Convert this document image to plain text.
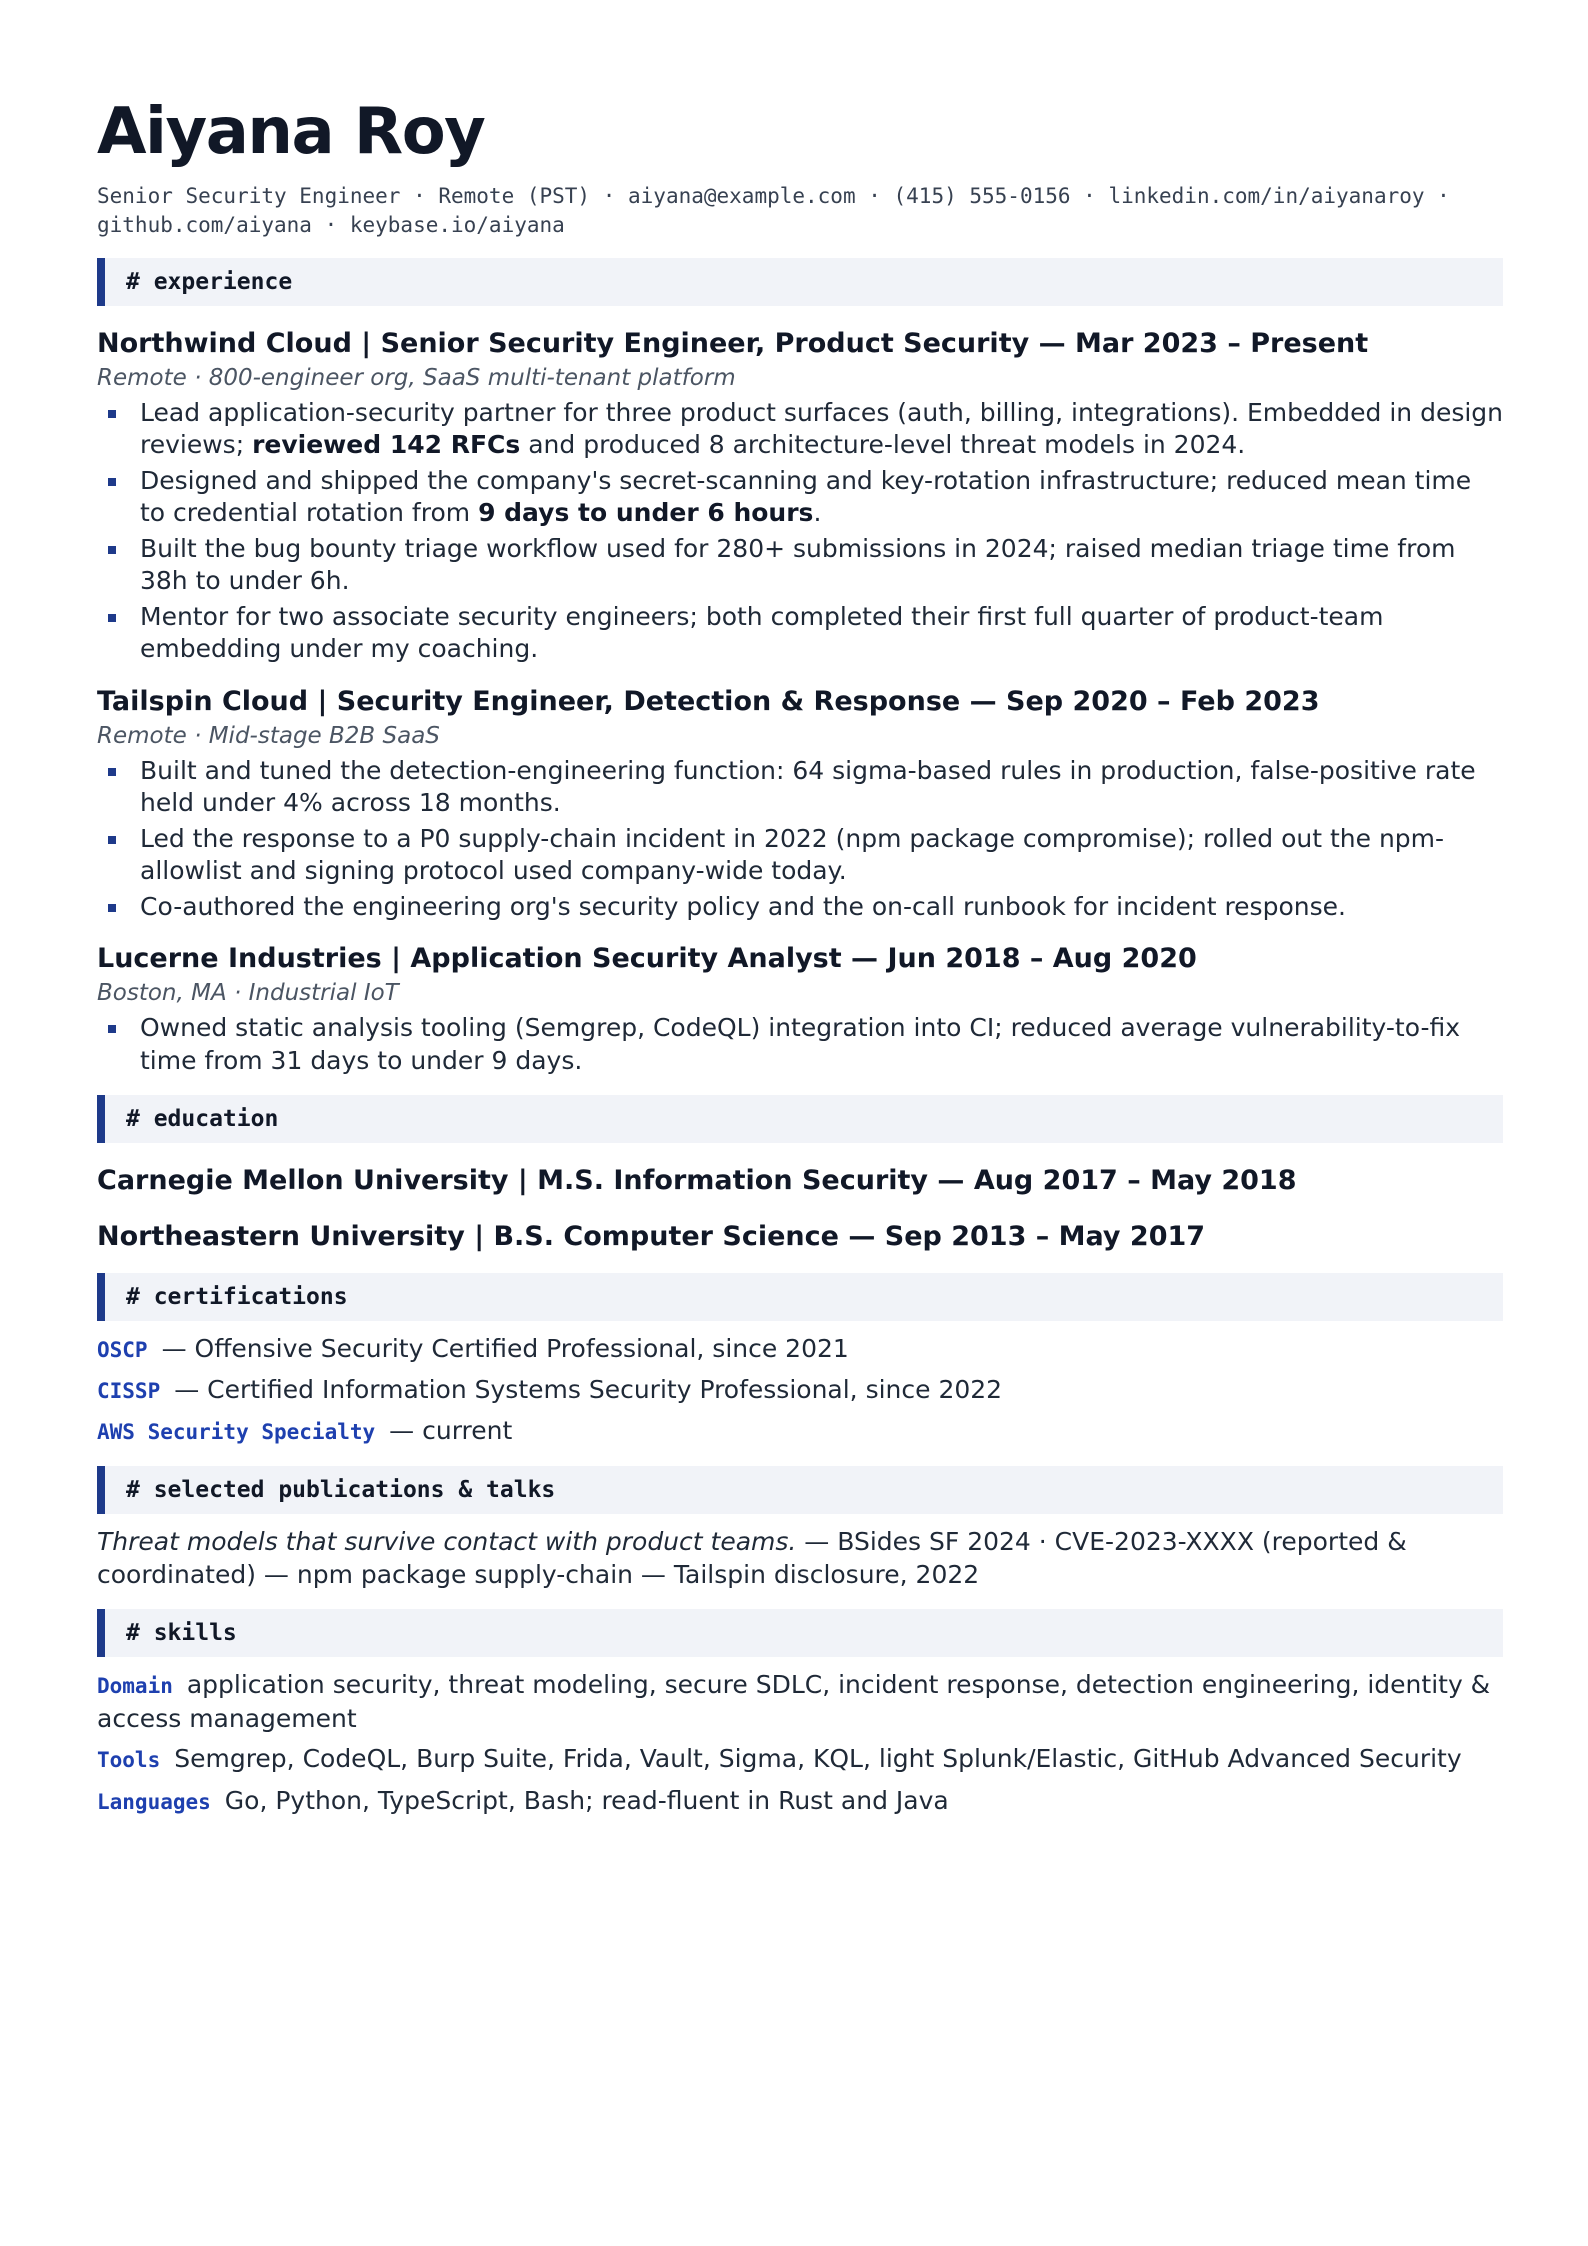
Aiyana Roy
Senior Security Engineer · Remote (PST) · aiyana@example.com · (415) 555-0156 · linkedin.com/in/aiyanaroy · github.com/aiyana · keybase.io/aiyana
# experience
Northwind Cloud | Senior Security Engineer, Product Security — Mar 2023 – Present
Remote · 800-engineer org, SaaS multi-tenant platform
Lead application-security partner for three product surfaces (auth, billing, integrations). Embedded in design reviews; reviewed 142 RFCs and produced 8 architecture-level threat models in 2024.
Designed and shipped the company's secret-scanning and key-rotation infrastructure; reduced mean time to credential rotation from 9 days to under 6 hours.
Built the bug bounty triage workflow used for 280+ submissions in 2024; raised median triage time from 38h to under 6h.
Mentor for two associate security engineers; both completed their first full quarter of product-team embedding under my coaching.
Tailspin Cloud | Security Engineer, Detection & Response — Sep 2020 – Feb 2023
Remote · Mid-stage B2B SaaS
Built and tuned the detection-engineering function: 64 sigma-based rules in production, false-positive rate held under 4% across 18 months.
Led the response to a P0 supply-chain incident in 2022 (npm package compromise); rolled out the npm-allowlist and signing protocol used company-wide today.
Co-authored the engineering org's security policy and the on-call runbook for incident response.
Lucerne Industries | Application Security Analyst — Jun 2018 – Aug 2020
Boston, MA · Industrial IoT
Owned static analysis tooling (Semgrep, CodeQL) integration into CI; reduced average vulnerability-to-fix time from 31 days to under 9 days.
# education
Carnegie Mellon University | M.S. Information Security — Aug 2017 – May 2018
Northeastern University | B.S. Computer Science — Sep 2013 – May 2017
# certifications
OSCP — Offensive Security Certified Professional, since 2021
CISSP — Certified Information Systems Security Professional, since 2022
AWS Security Specialty — current
# selected publications & talks
Threat models that survive contact with product teams. — BSides SF 2024 · CVE-2023-XXXX (reported & coordinated) — npm package supply-chain — Tailspin disclosure, 2022
# skills
Domain application security, threat modeling, secure SDLC, incident response, detection engineering, identity & access management
Tools Semgrep, CodeQL, Burp Suite, Frida, Vault, Sigma, KQL, light Splunk/Elastic, GitHub Advanced Security
Languages Go, Python, TypeScript, Bash; read-fluent in Rust and Java
